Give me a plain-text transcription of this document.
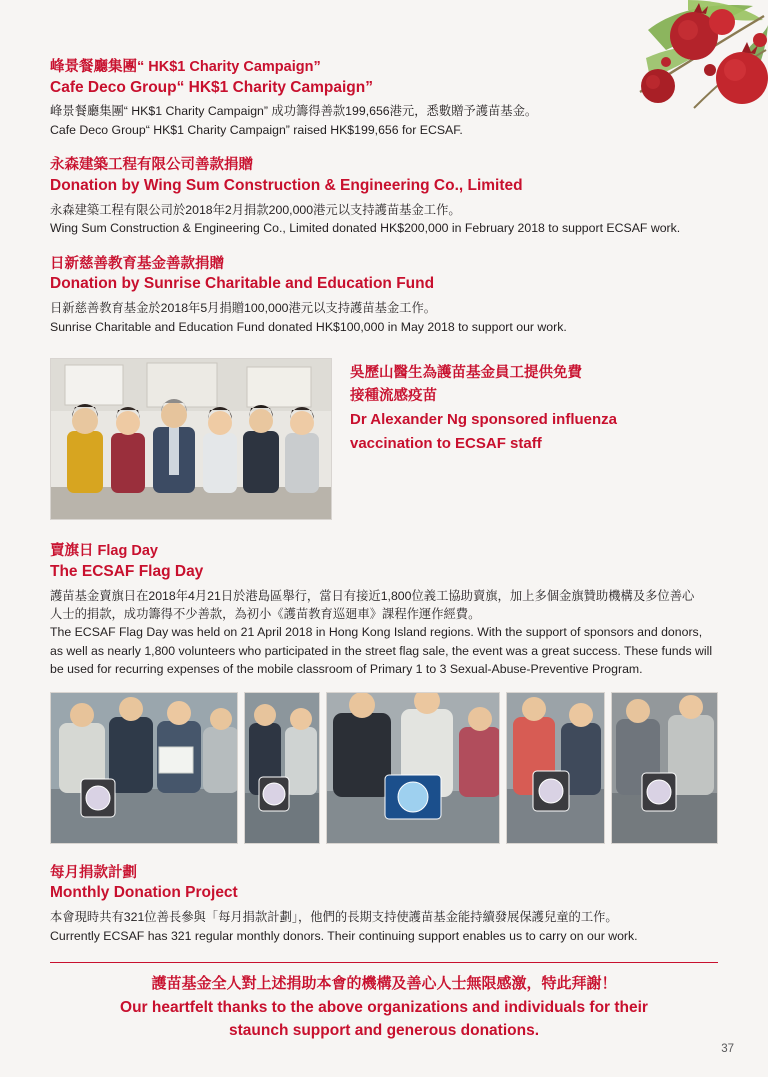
峰景餐廳集團“ HK$1 Charity Campaign”
Cafe Deco Group“ HK$1 Charity Campaign”

峰景餐廳集團“ HK$1 Charity Campaign” 成功籌得善款199,656港元，悉數贈予護苗基金。

Cafe Deco Group“ HK$1 Charity Campaign” raised HK$199,656 for ECSAF.

永森建築工程有限公司善款捐贈
Donation by Wing Sum Construction & Engineering Co., Limited

永森建築工程有限公司於2018年2月捐款200,000港元以支持護苗基金工作。

Wing Sum Construction & Engineering Co., Limited donated HK$200,000 in February 2018 to support ECSAF work.

日新慈善教育基金善款捐贈
Donation by Sunrise Charitable and Education Fund

日新慈善教育基金於2018年5月捐贈100,000港元以支持護苗基金工作。

Sunrise Charitable and Education Fund donated HK$100,000 in May 2018 to support our work.

吳歷山醫生為護苗基金員工提供免費
接種流感疫苗
Dr Alexander Ng sponsored influenza
vaccination to ECSAF staff
賣旗日 Flag Day
The ECSAF Flag Day

護苗基金賣旗日在2018年4月21日於港島區舉行，當日有接近1,800位義工協助賣旗，加上多個金旗贊助機構及多位善心

人士的捐款，成功籌得不少善款，為初小《護苗教育巡廻車》課程作運作經費。

The ECSAF Flag Day was held on 21 April 2018 in Hong Kong Island regions. With the support of sponsors and donors, as well as nearly 1,800 volunteers who participated in the street flag sale, the event was a great success. These funds will be used for recurring expenses of the mobile classroom of Primary 1 to 3 Sexual-Abuse-Preventive Program.

每月捐款計劃
Monthly Donation Project

本會現時共有321位善長參與「每月捐款計劃」，他們的長期支持使護苗基金能持續發展保護兒童的工作。

Currently ECSAF has 321 regular monthly donors. Their continuing support enables us to carry on our work.

護苗基金全人對上述捐助本會的機構及善心人士無限感激，特此拜謝！
Our heartfelt thanks to the above organizations and individuals for their
staunch support and generous donations.
37
